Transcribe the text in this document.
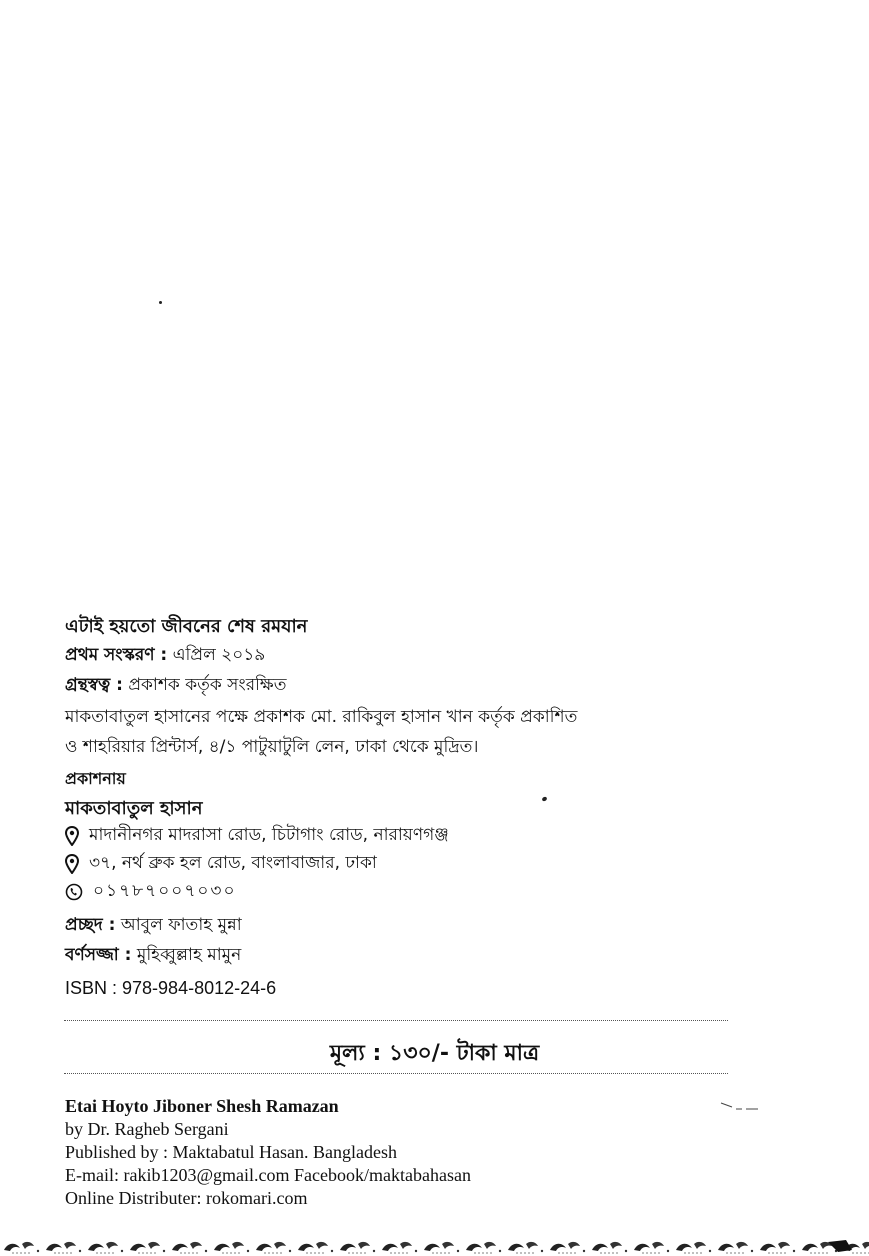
এটাই হয়তো জীবনের শেষ রমযান
প্রথম সংস্করণ : এপ্রিল ২০১৯
গ্রন্থস্বত্ব : প্রকাশক কর্তৃক সংরক্ষিত
মাকতাবাতুল হাসানের পক্ষে প্রকাশক মো. রাকিবুল হাসান খান কর্তৃক প্রকাশিত
ও শাহরিয়ার প্রিন্টার্স, ৪/১ পাটুয়াটুলি লেন, ঢাকা থেকে মুদ্রিত।
প্রকাশনায়
মাকতাবাতুল হাসান
মাদানীনগর মাদরাসা রোড, চিটাগাং রোড, নারায়ণগঞ্জ
৩৭, নর্থ ব্রুক হল রোড, বাংলাবাজার, ঢাকা
০১৭৮৭০০৭০৩০
প্রচ্ছদ : আবুল ফাতাহ মুন্না
বর্ণসজ্জা : মুহিব্বুল্লাহ মামুন
ISBN : 978-984-8012-24-6
মূল্য : ১৩০/- টাকা মাত্র
Etai Hoyto Jiboner Shesh Ramazan
by Dr. Ragheb Sergani
Published by : Maktabatul Hasan. Bangladesh
E-mail: rakib1203@gmail.com Facebook/maktabahasan
Online Distributer: rokomari.com
